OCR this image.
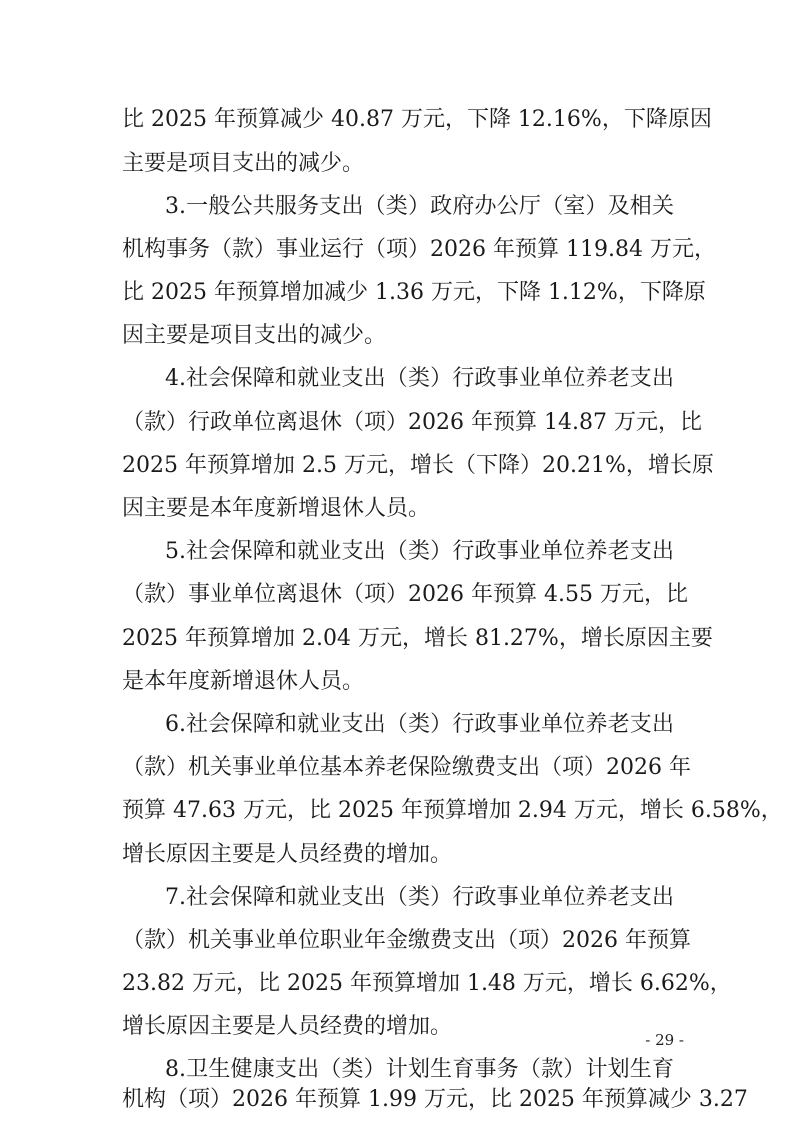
比 2025 年预算减少 40.87 万元，下降 12.16%，下降原因
主要是项目支出的减少。
3.一般公共服务支出（类）政府办公厅（室）及相关
机构事务（款）事业运行（项）2026 年预算 119.84 万元，
比 2025 年预算增加减少 1.36 万元，下降 1.12%，下降原
因主要是项目支出的减少。
4.社会保障和就业支出（类）行政事业单位养老支出
（款）行政单位离退休（项）2026 年预算 14.87 万元，比
2025 年预算增加 2.5 万元，增长（下降）20.21%，增长原
因主要是本年度新增退休人员。
5.社会保障和就业支出（类）行政事业单位养老支出
（款）事业单位离退休（项）2026 年预算 4.55 万元，比
2025 年预算增加 2.04 万元，增长 81.27%，增长原因主要
是本年度新增退休人员。
6.社会保障和就业支出（类）行政事业单位养老支出
（款）机关事业单位基本养老保险缴费支出（项）2026 年
预算 47.63 万元，比 2025 年预算增加 2.94 万元，增长 6.58%，
增长原因主要是人员经费的增加。
7.社会保障和就业支出（类）行政事业单位养老支出
（款）机关事业单位职业年金缴费支出（项）2026 年预算
23.82 万元，比 2025 年预算增加 1.48 万元，增长 6.62%，
增长原因主要是人员经费的增加。
8.卫生健康支出（类）计划生育事务（款）计划生育
机构（项）2026 年预算 1.99 万元，比 2025 年预算减少 3.27
- 29 -
